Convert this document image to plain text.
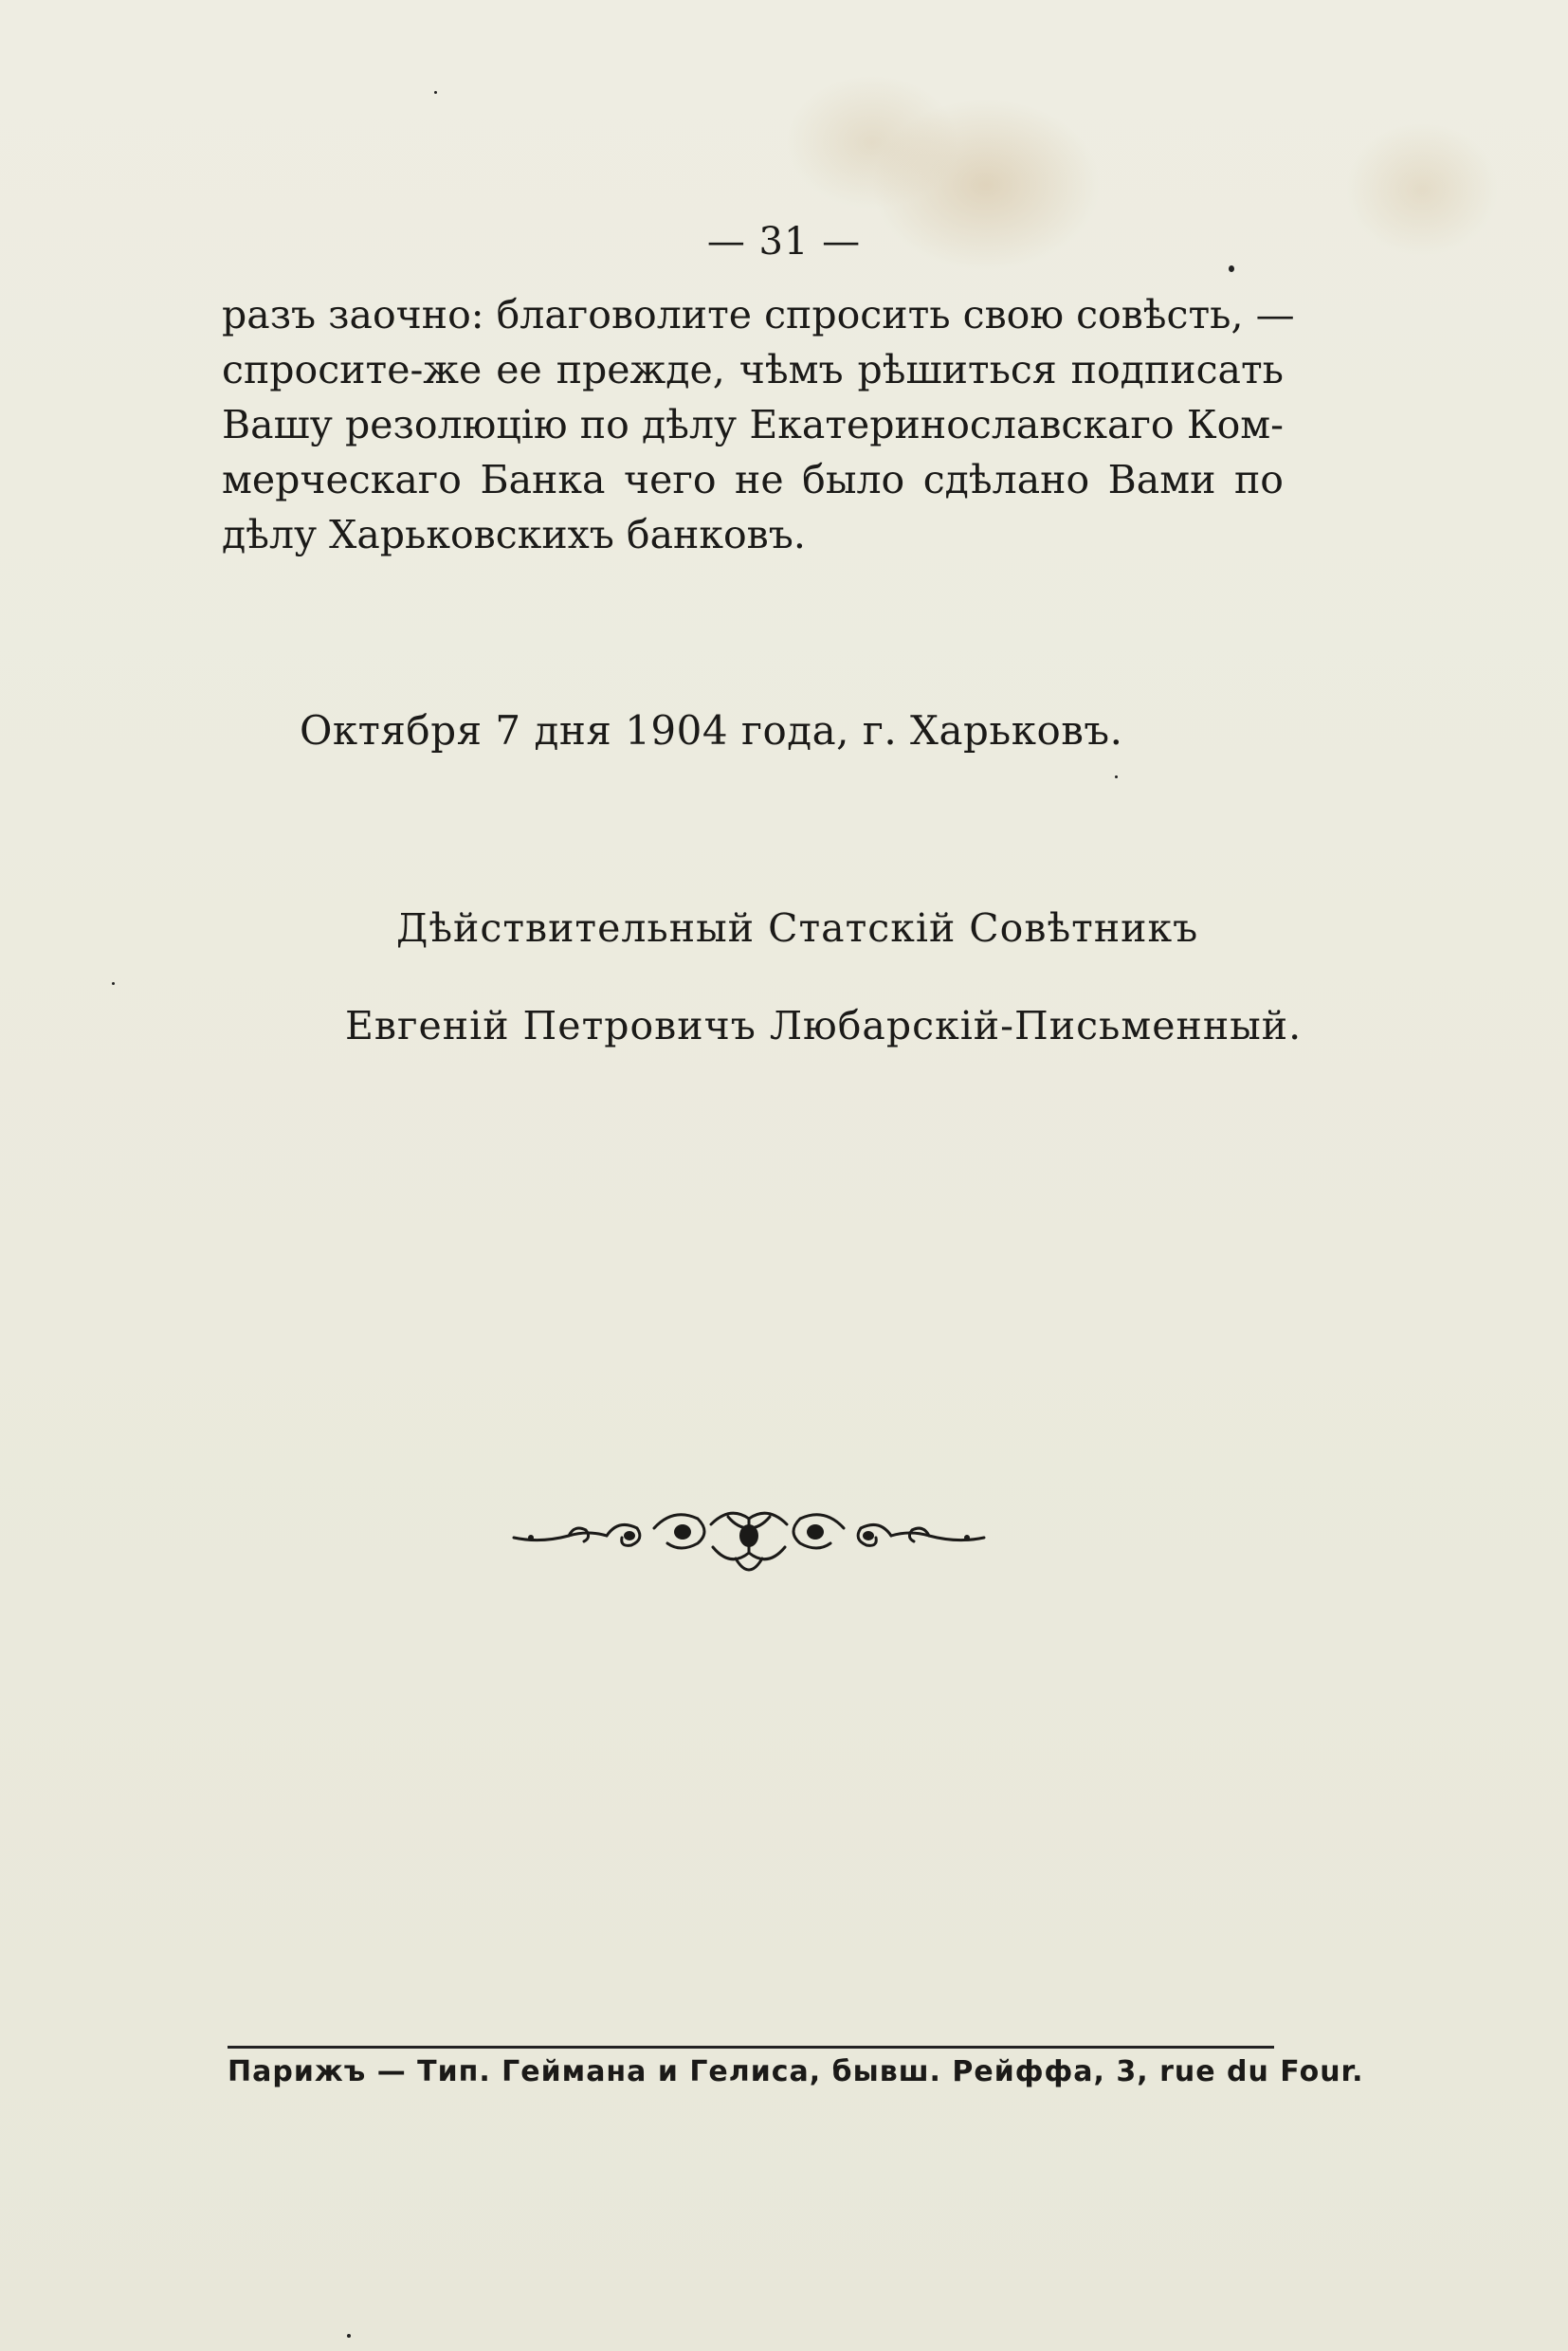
— 31 —
разъ заочно: благоволите спросить свою совѣсть, —
спросите-же ее прежде, чѣмъ рѣшиться подписать
Вашу резолюцію по дѣлу Екатеринославскаго Ком-
мерческаго Банка чего не было сдѣлано Вами по
дѣлу Харьковскихъ банковъ.
Октября 7 дня 1904 года, г. Харьковъ.
Дѣйствительный Статскій Совѣтникъ
Евгеній Петровичъ Любарскій-Письменный.
Парижъ — Тип. Геймана и Гелиса, бывш. Рейффа, 3, rue du Four.
